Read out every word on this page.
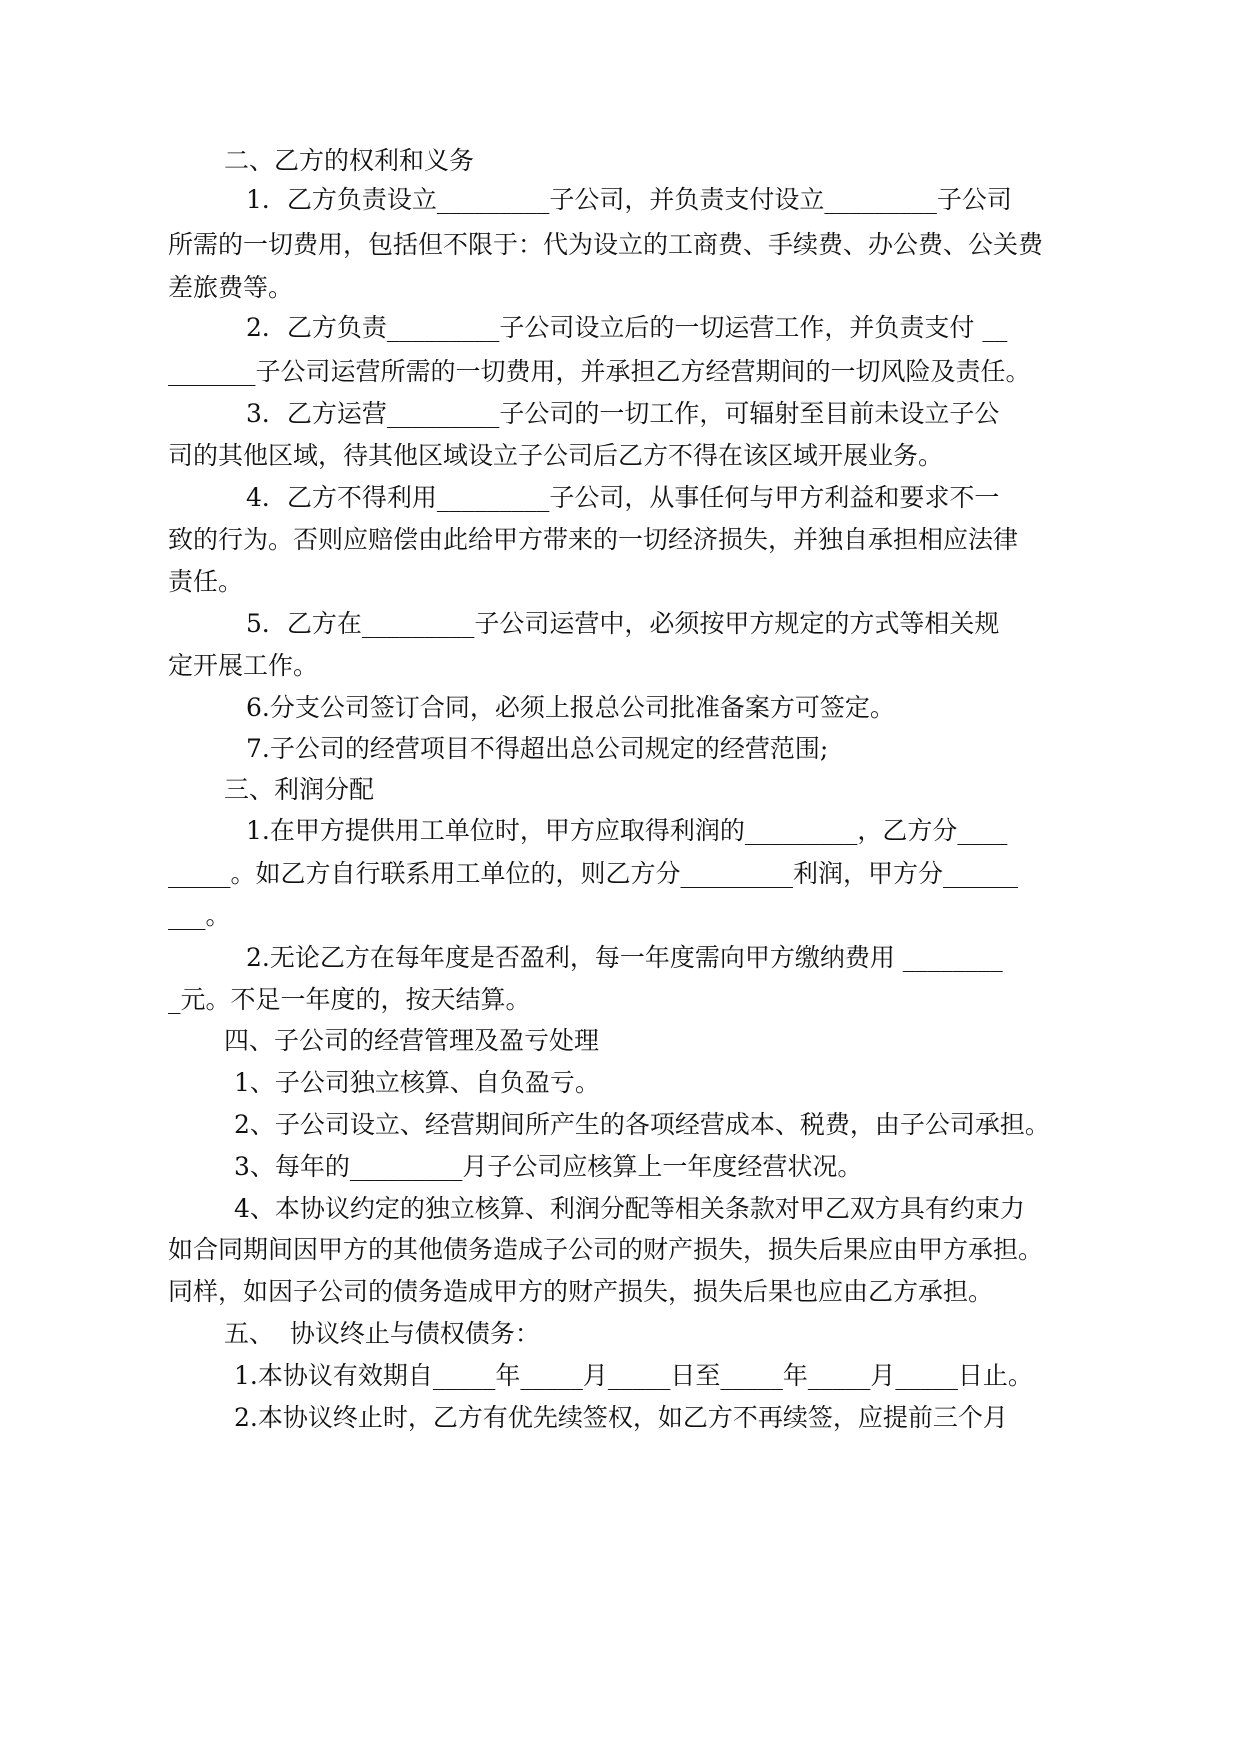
二、乙方的权利和义务
1．乙方负责设立_________子公司，并负责支付设立_________子公司
所需的一切费用，包括但不限于：代为设立的工商费、手续费、办公费、公关费
差旅费等。
2．乙方负责_________子公司设立后的一切运营工作，并负责支付 __
_______子公司运营所需的一切费用，并承担乙方经营期间的一切风险及责任。
3．乙方运营_________子公司的一切工作，可辐射至目前未设立子公
司的其他区域，待其他区域设立子公司后乙方不得在该区域开展业务。
4．乙方不得利用_________子公司，从事任何与甲方利益和要求不一
致的行为。否则应赔偿由此给甲方带来的一切经济损失，并独自承担相应法律
责任。
5．乙方在_________子公司运营中，必须按甲方规定的方式等相关规
定开展工作。
6.分支公司签订合同，必须上报总公司批准备案方可签定。
7.子公司的经营项目不得超出总公司规定的经营范围;
三、利润分配
1.在甲方提供用工单位时，甲方应取得利润的_________，乙方分____
_____。如乙方自行联系用工单位的，则乙方分_________利润，甲方分______
___。
2.无论乙方在每年度是否盈利，每一年度需向甲方缴纳费用 ________
_元。不足一年度的，按天结算。
四、子公司的经营管理及盈亏处理
1、子公司独立核算、自负盈亏。
2、子公司设立、经营期间所产生的各项经营成本、税费，由子公司承担。
3、每年的_________月子公司应核算上一年度经营状况。
4、本协议约定的独立核算、利润分配等相关条款对甲乙双方具有约束力
如合同期间因甲方的其他债务造成子公司的财产损失，损失后果应由甲方承担。
同样，如因子公司的债务造成甲方的财产损失，损失后果也应由乙方承担。
五、  协议终止与债权债务：
1.本协议有效期自_____年_____月_____日至_____年_____月_____日止。
2.本协议终止时，乙方有优先续签权，如乙方不再续签，应提前三个月
